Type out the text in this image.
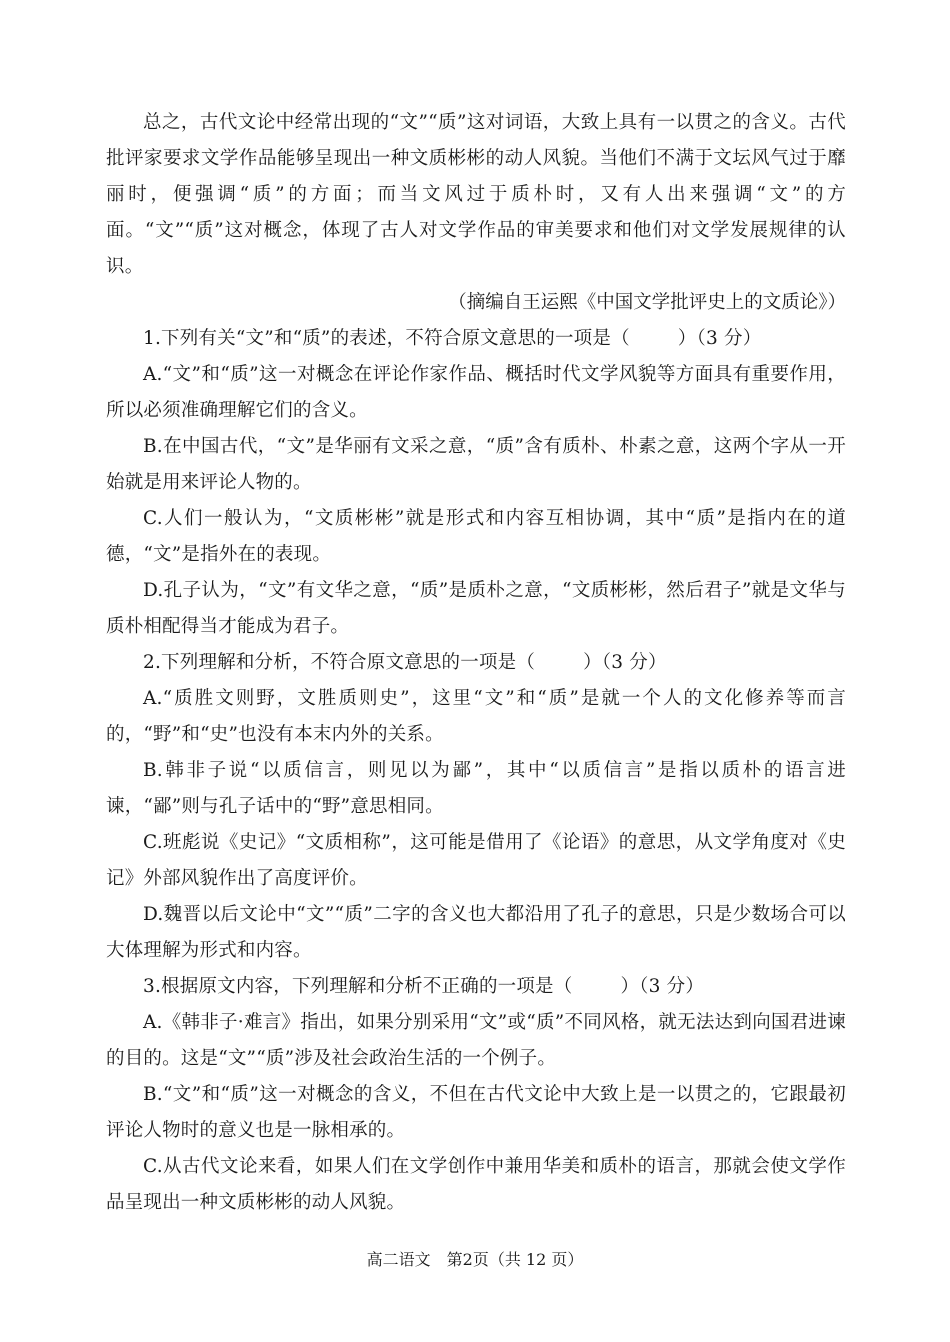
总之，古代文论中经常出现的“文”“质”这对词语，大致上具有一以贯之的含义。古代批评家要求文学作品能够呈现出一种文质彬彬的动人风貌。当他们不满于文坛风气过于靡丽时，便强调“质”的方面；而当文风过于质朴时，又有人出来强调“文”的方面。“文”“质”这对概念，体现了古人对文学作品的审美要求和他们对文学发展规律的认识。

（摘编自王运熙《中国文学批评史上的文质论》）

1.下列有关“文”和“质”的表述，不符合原文意思的一项是（	）（3 分）

A.“文”和“质”这一对概念在评论作家作品、概括时代文学风貌等方面具有重要作用，所以必须准确理解它们的含义。

B.在中国古代，“文”是华丽有文采之意，“质”含有质朴、朴素之意，这两个字从一开始就是用来评论人物的。

C.人们一般认为，“文质彬彬”就是形式和内容互相协调，其中“质”是指内在的道德，“文”是指外在的表现。

D.孔子认为，“文”有文华之意，“质”是质朴之意，“文质彬彬，然后君子”就是文华与质朴相配得当才能成为君子。

2.下列理解和分析，不符合原文意思的一项是（	）（3 分）

A.“质胜文则野，文胜质则史”，这里“文”和“质”是就一个人的文化修养等而言的，“野”和“史”也没有本末内外的关系。

B.韩非子说“以质信言，则见以为鄙”，其中“以质信言”是指以质朴的语言进谏，“鄙”则与孔子话中的“野”意思相同。

C.班彪说《史记》“文质相称”，这可能是借用了《论语》的意思，从文学角度对《史记》外部风貌作出了高度评价。

D.魏晋以后文论中“文”“质”二字的含义也大都沿用了孔子的意思，只是少数场合可以大体理解为形式和内容。

3.根据原文内容，下列理解和分析不正确的一项是（	）（3 分）

A.《韩非子·难言》指出，如果分别采用“文”或“质”不同风格，就无法达到向国君进谏的目的。这是“文”“质”涉及社会政治生活的一个例子。

B.“文”和“质”这一对概念的含义，不但在古代文论中大致上是一以贯之的，它跟最初评论人物时的意义也是一脉相承的。

C.从古代文论来看，如果人们在文学创作中兼用华美和质朴的语言，那就会使文学作品呈现出一种文质彬彬的动人风貌。

高二语文　第2页（共 12 页）
